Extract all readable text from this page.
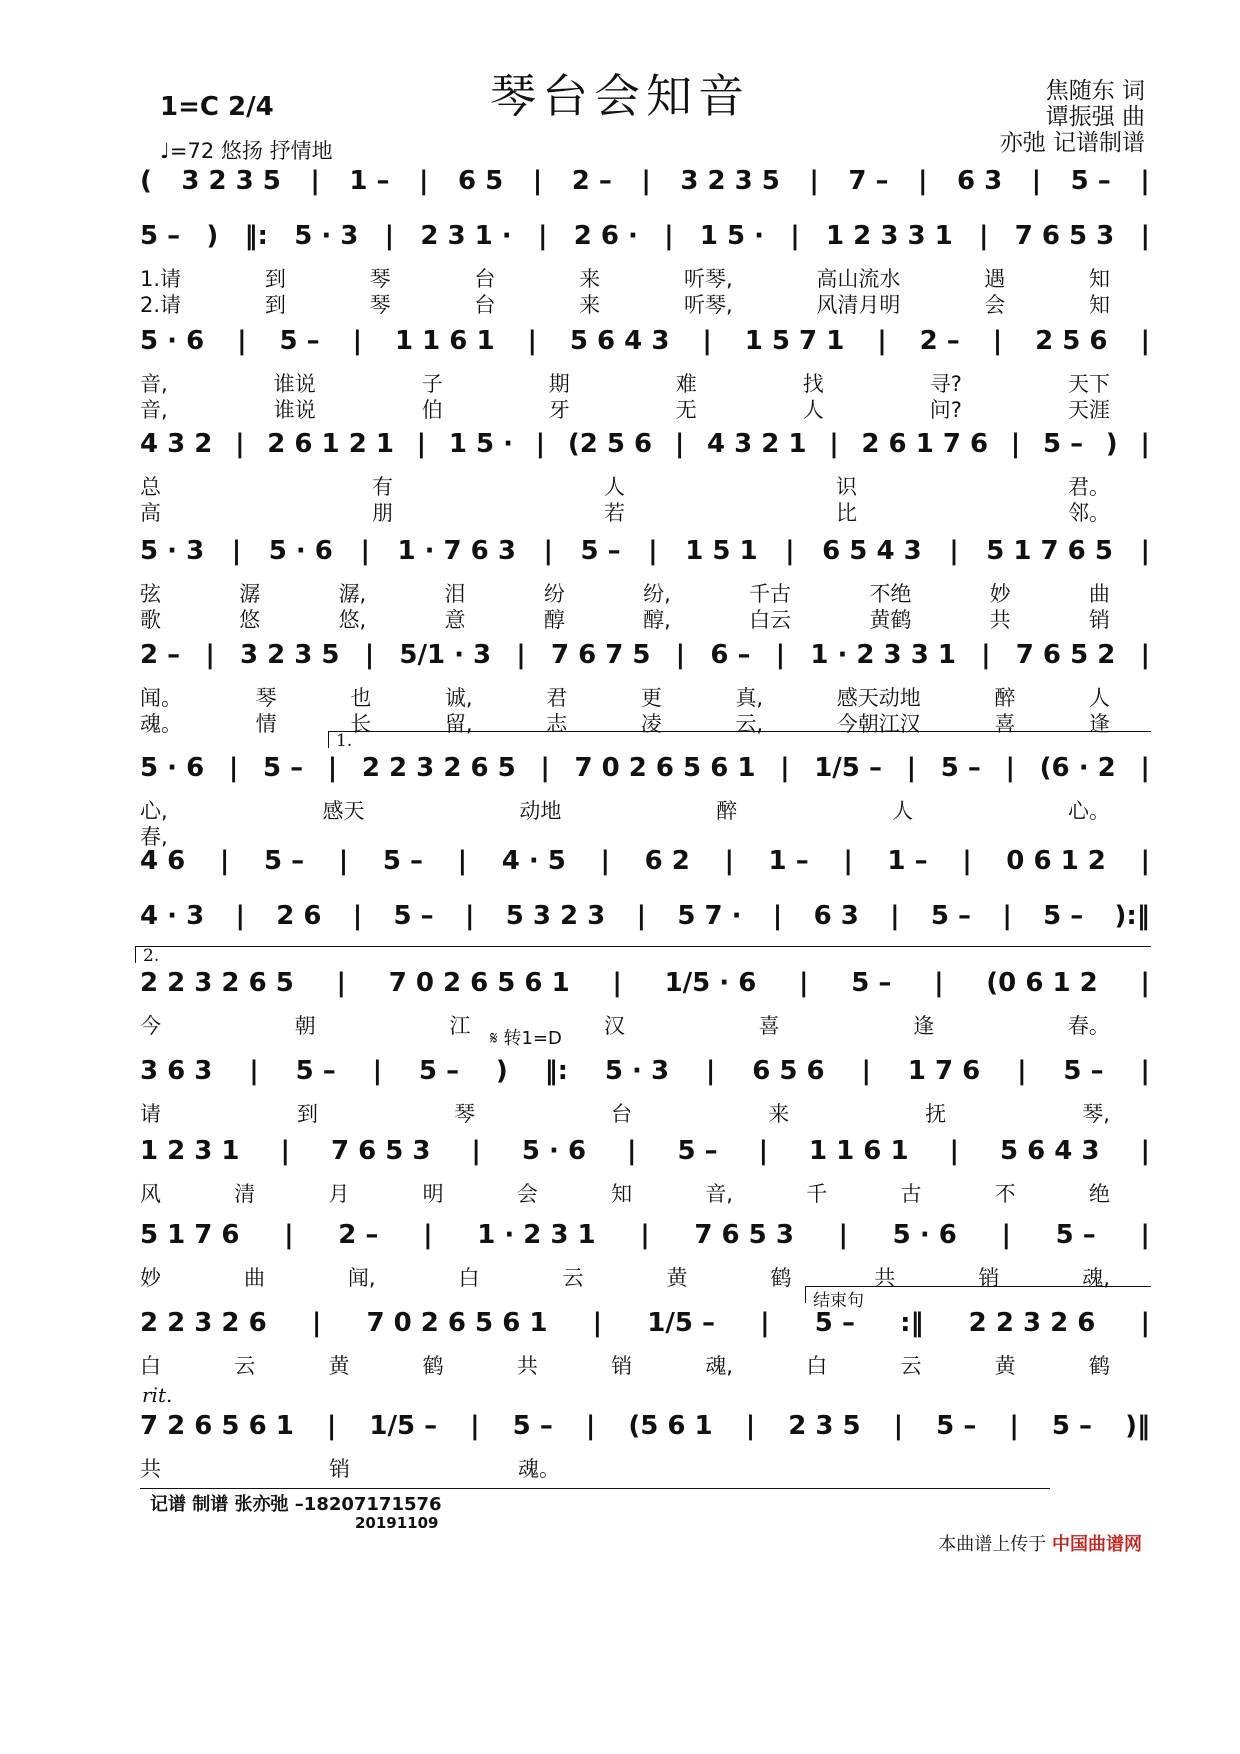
琴台会知音	焦随东 词
谭振强 曲
亦弛 记谱制谱
1=C 2/4
♩=72 悠扬 抒情地
( 3 2 3 5 | 1 – | 6 5 | 2 – | 3 2 3 5 | 7 – | 6 3 | 5 – |
5 – ) ‖: 5 · 3 | 2 3 1 · | 2 6 · | 1 5 · | 1 2 3 3 1 | 7 6 5 3 |
1.请	到	琴	台	来	听琴,	高山流水	遇	知
2.请	到	琴	台	来	听琴,	风清月明	会	知
5 · 6 | 5 – | 1 1 6 1 | 5 6 4 3 | 1 5 7 1 | 2 – | 2 5 6 |
音,	谁说	子	期	难	找	寻?	天下
音,	谁说	伯	牙	无	人	问?	天涯
4 3 2 | 2 6 1 2 1 | 1 5 · | (2 5 6 | 4 3 2 1 | 2 6 1 7 6 | 5 – ) |
总	有	人	识	君。
高	朋	若	比	邻。
5 · 3 | 5 · 6 | 1 · 7 6 3 | 5 – | 1 5 1 | 6 5 4 3 | 5 1 7 6 5 |
弦	潺	潺,	泪	纷	纷,	千古	不绝	妙	曲
歌	悠	悠,	意	醇	醇,	白云	黄鹤	共	销
2 – | 3 2 3 5 | 5/1 · 3 | 7 6 7 5 | 6 – | 1 · 2 3 3 1 | 7 6 5 2 |
闻。	琴	也	诚,	君	更	真,	感天动地	醉	人
魂。	情	长	留,	志	凌	云,	今朝江汉	喜	逢
5 · 6 | 5 – | 2 2 3 2 6 5 | 7 0 2 6 5 6 1 | 1/5 – | 5 – | (6 · 2 |
1.
心,	感天	动地	醉	人	心。
春,
4 6 | 5 – | 5 – | 4 · 5 | 6 2 | 1 – | 1 – | 0 6 1 2 |
4 · 3 | 2 6 | 5 – | 5 3 2 3 | 5 7 · | 6 3 | 5 – | 5 – ):‖
2 2 3 2 6 5 | 7 0 2 6 5 6 1 | 1/5 · 6 | 5 – | (0 6 1 2 |
2.
今	朝	江	汉	喜	逢	春。
3 6 3 | 5 – | 5 – ) ‖: 5 · 3 | 6 5 6 | 1 7 6 | 5 – |
𝄋 转1=D
请	到	琴	台	来	抚	琴,
1 2 3 1 | 7 6 5 3 | 5 · 6 | 5 – | 1 1 6 1 | 5 6 4 3 |
风	清	月	明	会	知	音,	千	古	不	绝
5 1 7 6 | 2 – | 1 · 2 3 1 | 7 6 5 3 | 5 · 6 | 5 – |
妙	曲	闻,	白	云	黄	鹤	共	销	魂,
2 2 3 2 6 | 7 0 2 6 5 6 1 | 1/5 – | 5 – :‖ 2 2 3 2 6 |
结束句
白	云	黄	鹤	共	销	魂,	白	云	黄	鹤
7 2 6 5 6 1 | 1/5 – | 5 – | (5 6 1 | 2 3 5 | 5 – | 5 – )‖
rit.
共	销	魂。
记谱 制谱 张亦弛 –18207171576
20191109
本曲谱上传于 中国曲谱网
